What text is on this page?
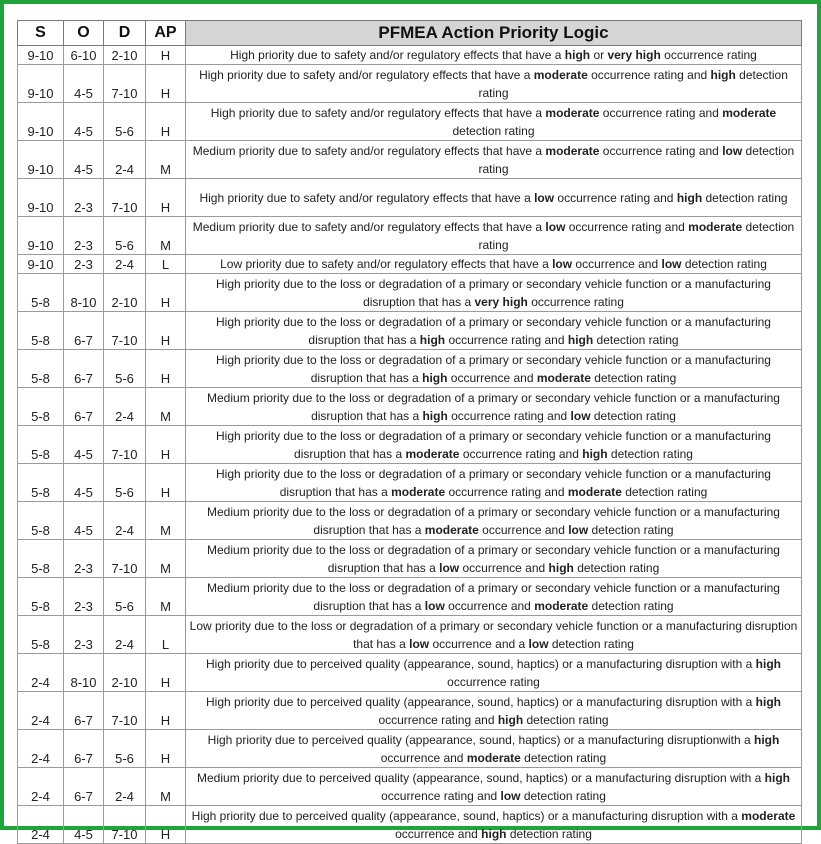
S	O	D	AP	PFMEA Action Priority Logic
9-10	6-10	2-10	H	High priority due to safety and/or regulatory effects that have a high or very high occurrence rating
9-10	4-5	7-10	H	High priority due to safety and/or regulatory effects that have a moderate occurrence rating and high detection rating
9-10	4-5	5-6	H	High priority due to safety and/or regulatory effects that have a moderate occurrence rating and moderate detection rating
9-10	4-5	2-4	M	Medium priority due to safety and/or regulatory effects that have a moderate occurrence rating and low detection rating
9-10	2-3	7-10	H	High priority due to safety and/or regulatory effects that have a low occurrence rating and high detection rating
9-10	2-3	5-6	M	Medium priority due to safety and/or regulatory effects that have a low occurrence rating and moderate detection rating
9-10	2-3	2-4	L	Low priority due to safety and/or regulatory effects that have a low occurrence and low detection rating
5-8	8-10	2-10	H	High priority due to the loss or degradation of a primary or secondary vehicle function or a manufacturing disruption that has a very high occurrence rating
5-8	6-7	7-10	H	High priority due to the loss or degradation of a primary or secondary vehicle function or a manufacturing disruption that has a high occurrence rating and high detection rating
5-8	6-7	5-6	H	High priority due to the loss or degradation of a primary or secondary vehicle function or a manufacturing disruption that has a high occurrence and moderate detection rating
5-8	6-7	2-4	M	Medium priority due to the loss or degradation of a primary or secondary vehicle function or a manufacturing disruption that has a high occurrence rating and low detection rating
5-8	4-5	7-10	H	High priority due to the loss or degradation of a primary or secondary vehicle function or a manufacturing disruption that has a moderate occurrence rating and high detection rating
5-8	4-5	5-6	H	High priority due to the loss or degradation of a primary or secondary vehicle function or a manufacturing disruption that has a moderate occurrence rating and moderate detection rating
5-8	4-5	2-4	M	Medium priority due to the loss or degradation of a primary or secondary vehicle function or a manufacturing disruption that has a moderate occurrence and low detection rating
5-8	2-3	7-10	M	Medium priority due to the loss or degradation of a primary or secondary vehicle function or a manufacturing disruption that has a low occurrence and high detection rating
5-8	2-3	5-6	M	Medium priority due to the loss or degradation of a primary or secondary vehicle function or a manufacturing disruption that has a low occurrence and moderate detection rating
5-8	2-3	2-4	L	Low priority due to the loss or degradation of a primary or secondary vehicle function or a manufacturing disruption that has a low occurrence and a low detection rating
2-4	8-10	2-10	H	High priority due to perceived quality (appearance, sound, haptics) or a manufacturing disruption with a high occurrence rating
2-4	6-7	7-10	H	High priority due to perceived quality (appearance, sound, haptics) or a manufacturing disruption with a high occurrence rating and high detection rating
2-4	6-7	5-6	H	High priority due to perceived quality (appearance, sound, haptics) or a manufacturing disruptionwith a high occurrence and moderate detection rating
2-4	6-7	2-4	M	Medium priority due to perceived quality (appearance, sound, haptics) or a manufacturing disruption with a high occurrence rating and low detection rating
2-4	4-5	7-10	H	High priority due to perceived quality (appearance, sound, haptics) or a manufacturing disruption with a moderate occurrence and high detection rating
